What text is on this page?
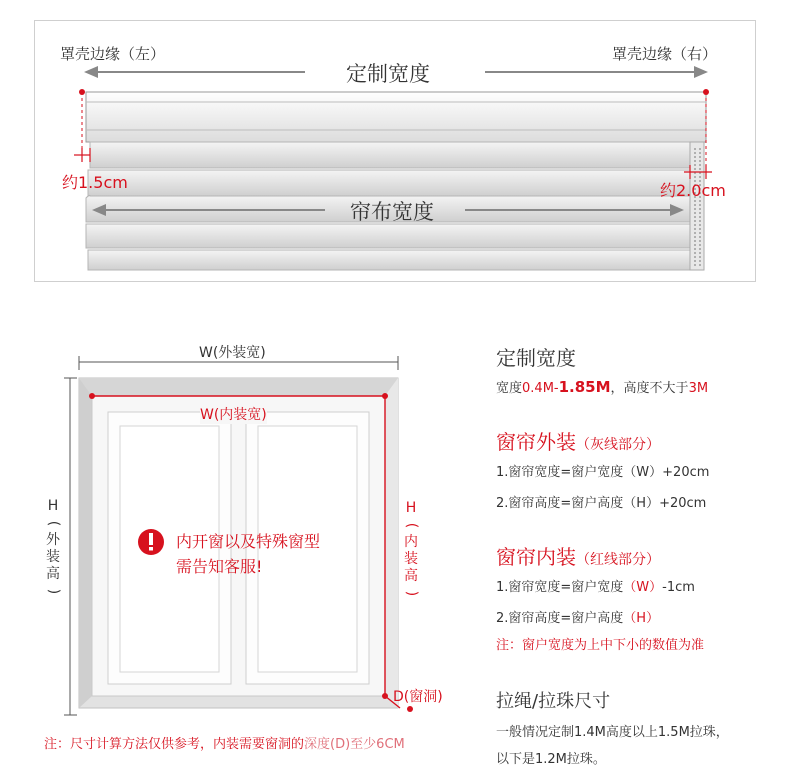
罩壳边缘（左）	罩壳边缘（右）
定制宽度
约1.5cm	约2.0cm
帘布宽度
W(外装宽)
W(内装宽)
H
(
外
装
高
)
H
(
内
装
高
)
D(窗洞)
内开窗以及特殊窗型
需告知客服!
注：尺寸计算方法仅供参考，内装需要窗洞的深度(D)至少6CM
定制宽度
宽度0.4M-1.85M，高度不大于3M
窗帘外装（灰线部分）
1.窗帘宽度=窗户宽度（W）+20cm
2.窗帘高度=窗户高度（H）+20cm
窗帘内装（红线部分）
1.窗帘宽度=窗户宽度（W）-1cm
2.窗帘高度=窗户高度（H）
注：窗户宽度为上中下小的数值为准
拉绳/拉珠尺寸
一般情况定制1.4M高度以上1.5M拉珠，
以下是1.2M拉珠。
